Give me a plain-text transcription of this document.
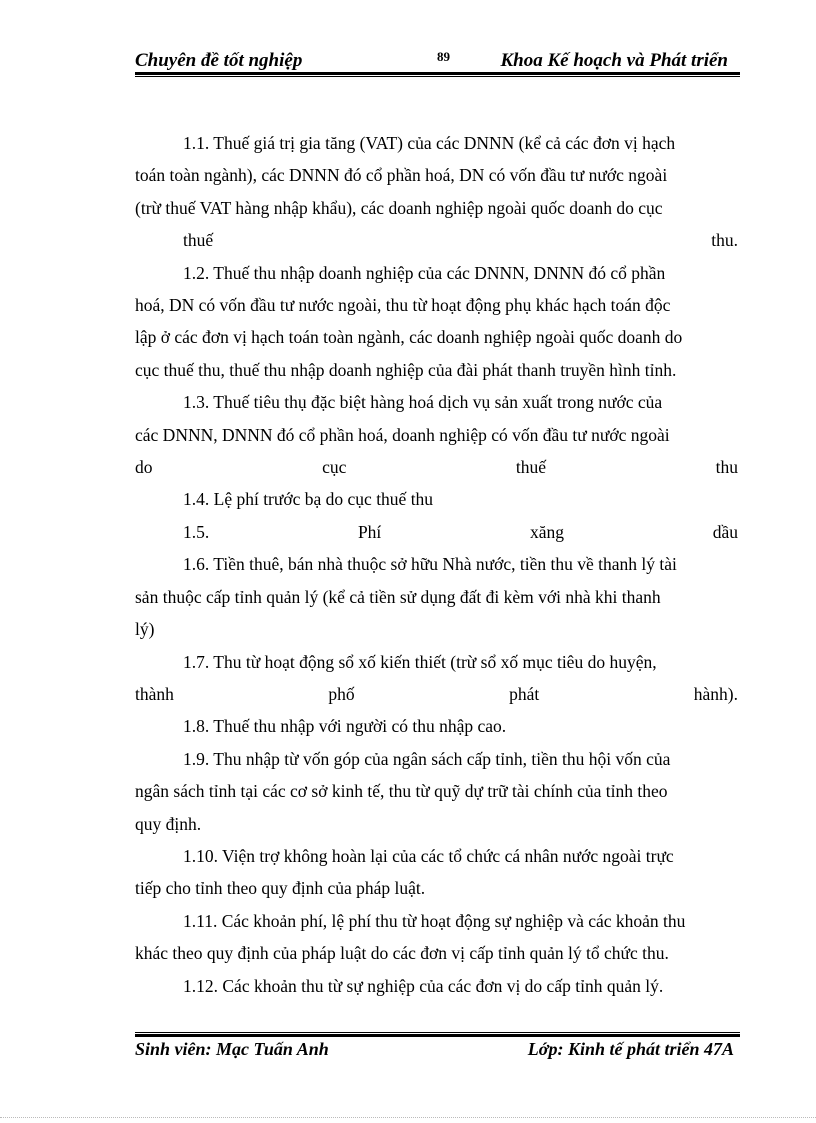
Chuyên đề tốt nghiệp	89	Khoa Kế hoạch và Phát triển
1.1. Thuế giá trị gia tăng (VAT) của các DNNN (kể cả các đơn vị hạch
toán toàn ngành), các DNNN đó cổ phần hoá, DN có vốn đầu tư nước ngoài
(trừ thuế VAT hàng nhập khẩu), các doanh nghiệp ngoài quốc doanh do cục
thuế	thu.
1.2. Thuế thu nhập doanh nghiệp của các DNNN, DNNN đó cổ phần
hoá, DN có vốn đầu tư nước ngoài, thu từ hoạt động phụ khác hạch toán độc
lập ở các đơn vị hạch toán toàn ngành, các doanh nghiệp ngoài quốc doanh do
cục thuế thu, thuế thu nhập doanh nghiệp của đài phát thanh truyền hình tỉnh.
1.3. Thuế tiêu thụ đặc biệt hàng hoá dịch vụ sản xuất trong nước của
các DNNN, DNNN đó cổ phần hoá, doanh nghiệp có vốn đầu tư nước ngoài
do	cục	thuế	thu
1.4. Lệ phí trước bạ do cục thuế thu
1.5.	Phí	xăng	dầu
1.6. Tiền thuê, bán nhà thuộc sở hữu Nhà nước, tiền thu về thanh lý tài
sản thuộc cấp tỉnh quản lý (kể cả tiền sử dụng đất đi kèm với nhà khi thanh
lý)
1.7. Thu từ hoạt động sổ xố kiến thiết (trừ sổ xố mục tiêu do huyện,
thành	phố	phát	hành).
1.8. Thuế thu nhập với người có thu nhập cao.
1.9. Thu nhập từ vốn góp của ngân sách cấp tỉnh, tiền thu hội vốn của
ngân sách tỉnh tại các cơ sở kinh tế, thu từ quỹ dự trữ tài chính của tỉnh theo
quy định.
1.10. Viện trợ không hoàn lại của các tổ chức cá nhân nước ngoài trực
tiếp cho tỉnh theo quy định của pháp luật.
1.11. Các khoản phí, lệ phí thu từ hoạt động sự nghiệp và các khoản thu
khác theo quy định của pháp luật do các đơn vị cấp tỉnh quản lý tổ chức thu.
1.12. Các khoản thu từ sự nghiệp của các đơn vị do cấp tỉnh quản lý.
Sinh viên: Mạc Tuấn Anh	Lớp: Kinh tế phát triển 47A
